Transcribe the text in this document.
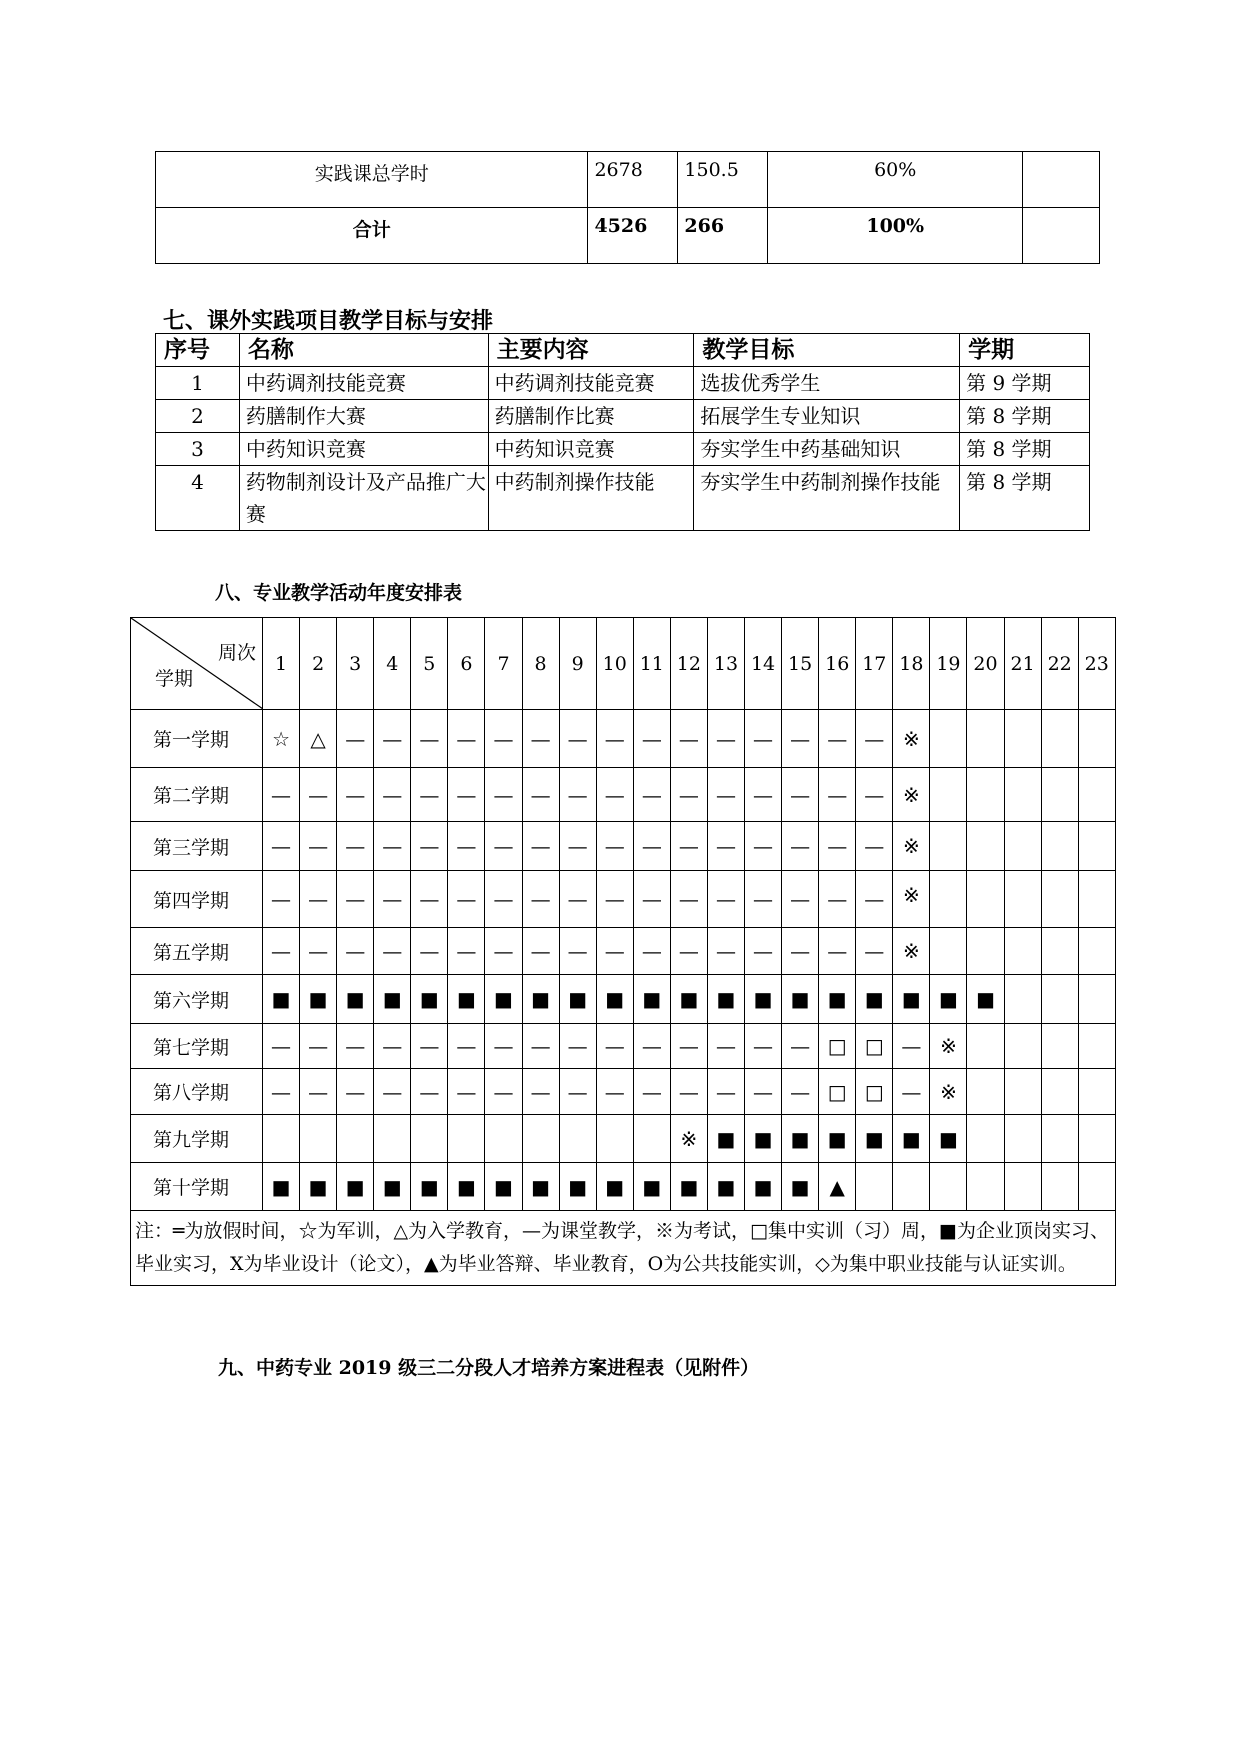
实践课总学时	2678	150.5	60%	
合计	4526	266	100%	
七、课外实践项目教学目标与安排
序号	名称	主要内容	教学目标	学期
1	中药调剂技能竞赛	中药调剂技能竞赛	选拔优秀学生	第 9 学期
2	药膳制作大赛	药膳制作比赛	拓展学生专业知识	第 8 学期
3	中药知识竞赛	中药知识竞赛	夯实学生中药基础知识	第 8 学期
4	药物制剂设计及产品推广大赛	中药制剂操作技能	夯实学生中药制剂操作技能	第 8 学期
八、专业教学活动年度安排表
周次
学期	1	2	3	4	5	6	7	8	9	10	11	12	13	14	15	16	17	18	19	20	21	22	23
第一学期	☆	△	—	—	—	—	—	—	—	—	—	—	—	—	—	—	—	※					
第二学期	—	—	—	—	—	—	—	—	—	—	—	—	—	—	—	—	—	※					
第三学期	—	—	—	—	—	—	—	—	—	—	—	—	—	—	—	—	—	※					
第四学期	—	—	—	—	—	—	—	—	—	—	—	—	—	—	—	—	—	※					
第五学期	—	—	—	—	—	—	—	—	—	—	—	—	—	—	—	—	—	※					
第六学期	■	■	■	■	■	■	■	■	■	■	■	■	■	■	■	■	■	■	■	■			
第七学期	—	—	—	—	—	—	—	—	—	—	—	—	—	—	—	□	□	—	※				
第八学期	—	—	—	—	—	—	—	—	—	—	—	—	—	—	—	□	□	—	※				
第九学期												※	■	■	■	■	■	■	■				
第十学期	■	■	■	■	■	■	■	■	■	■	■	■	■	■	■	▲							
注：═为放假时间，☆为军训，△为入学教育，—为课堂教学，※为考试，□集中实训（习）周，■为企业顶岗实习、毕业实习，X为毕业设计（论文），▲为毕业答辩、毕业教育，O为公共技能实训，◇为集中职业技能与认证实训。																							
九、中药专业 2019 级三二分段人才培养方案进程表（见附件）
